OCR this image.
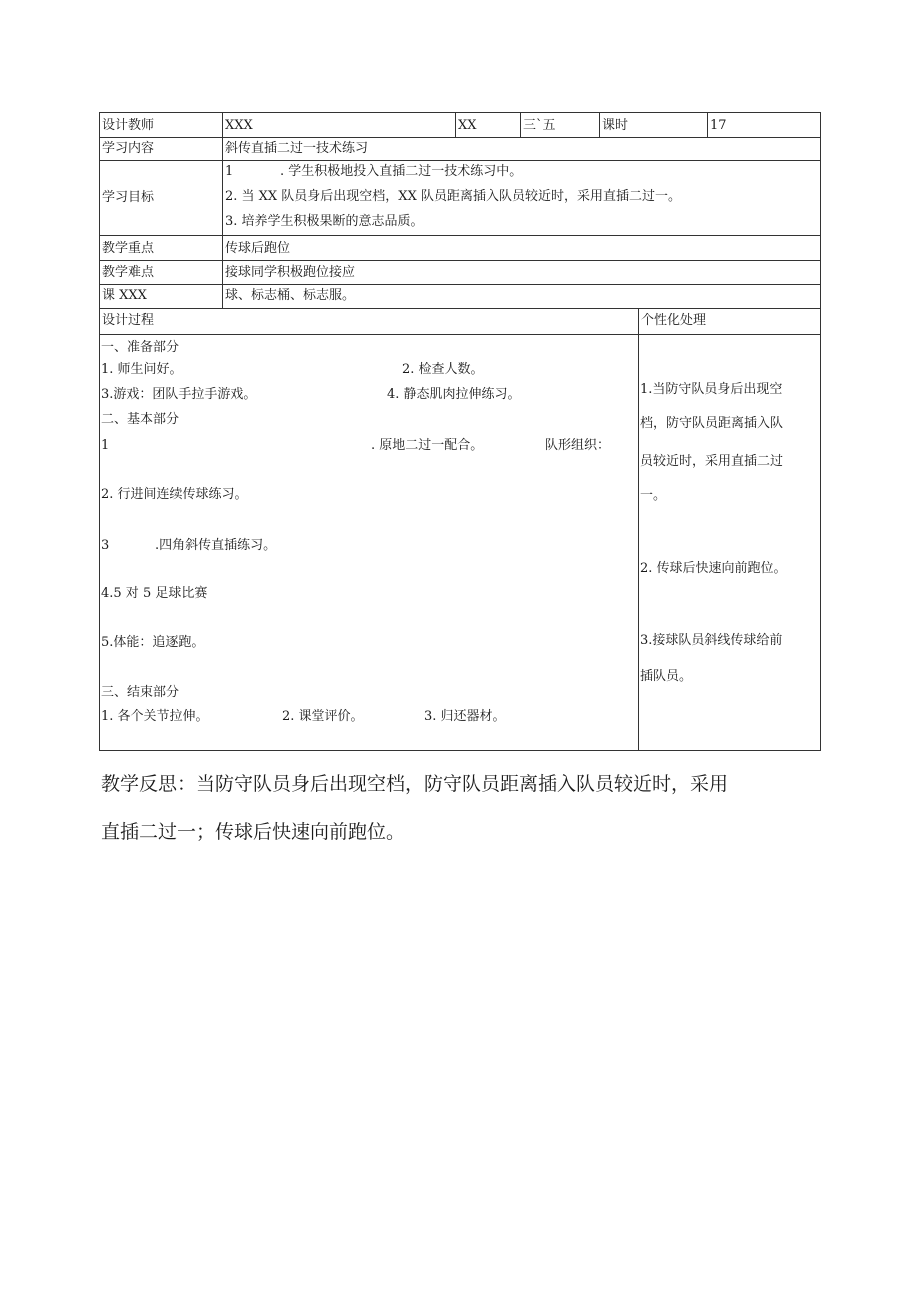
设计教师	XXX	XX	三`五	课时	17
学习内容	斜传直插二过一技术练习
学习目标
1	. 学生积极地投入直插二过一技术练习中。
2. 当 XX 队员身后出现空档，XX 队员距离插入队员较近时，采用直插二过一。
3. 培养学生积极果断的意志品质。
教学重点	传球后跑位
教学难点	接球同学积极跑位接应
课 XXX	球、标志桶、标志服。
设计过程	个性化处理
一、准备部分
1. 师生问好。	2. 检查人数。
3.游戏：团队手拉手游戏。	4. 静态肌肉拉伸练习。
二、基本部分
1	. 原地二过一配合。	队形组织：
2. 行进间连续传球练习。
3	.四角斜传直插练习。
4.5 对 5 足球比赛
5.体能：追逐跑。
三、结束部分
1. 各个关节拉伸。	2. 课堂评价。	3. 归还器材。
1.当防守队员身后出现空
档，防守队员距离插入队
员较近时，采用直插二过
一。
2. 传球后快速向前跑位。
3.接球队员斜线传球给前
插队员。
教学反思：当防守队员身后出现空档，防守队员距离插入队员较近时，采用
直插二过一；传球后快速向前跑位。
